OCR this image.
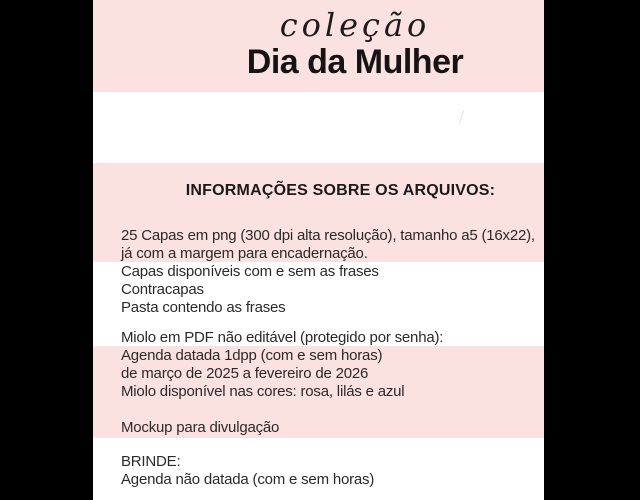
coleção
Dia da Mulher
INFORMAÇÕES SOBRE OS ARQUIVOS:
25 Capas em png (300 dpi alta resolução), tamanho a5 (16x22),
já com a margem para encadernação.
Capas disponíveis com e sem as frases
Contracapas
Pasta contendo as frases
Miolo em PDF não editável (protegido por senha):
Agenda datada 1dpp (com e sem horas)
de março de 2025 a fevereiro de 2026
Miolo disponível nas cores: rosa, lilás e azul
Mockup para divulgação
BRINDE:
Agenda não datada (com e sem horas)
